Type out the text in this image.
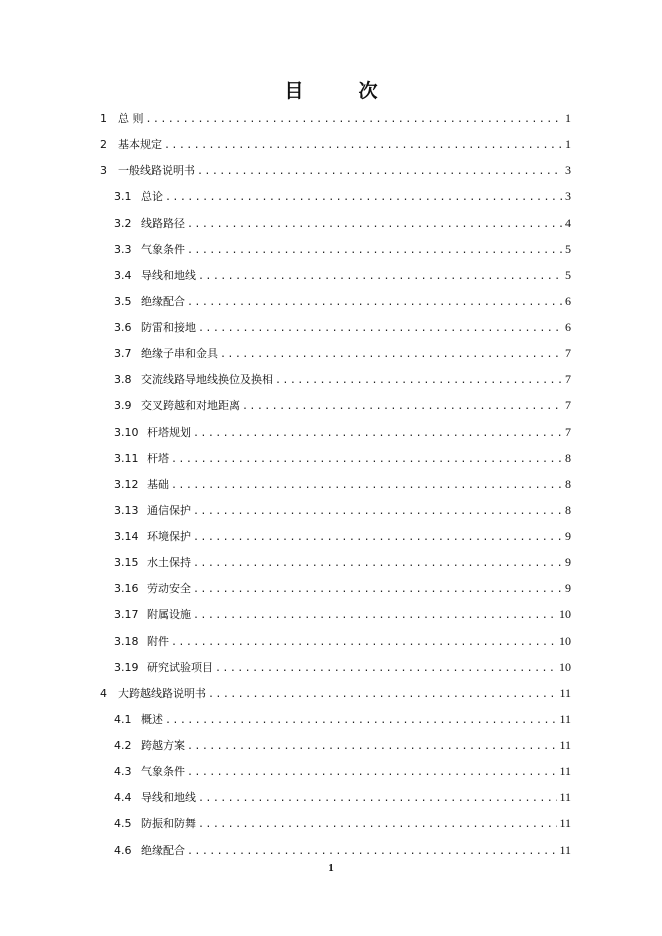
目　次
1	总 则 .....	1
2	基本规定 .....	1
3	一般线路说明书 .....	3
3.1 总论 .....	3
3.2 线路路径 .....	4
3.3 气象条件 .....	5
3.4 导线和地线 .....	5
3.5 绝缘配合 .....	6
3.6 防雷和接地 .....	6
3.7 绝缘子串和金具 .....	7
3.8 交流线路导地线换位及换相 .....	7
3.9 交叉跨越和对地距离 .....	7
3.10 杆塔规划 .....	7
3.11 杆塔 .....	8
3.12 基础 .....	8
3.13 通信保护 .....	8
3.14 环境保护 .....	9
3.15 水土保持 .....	9
3.16 劳动安全 .....	9
3.17 附属设施 .....	10
3.18 附件 .....	10
3.19 研究试验项目 .....	10
4	大跨越线路说明书 .....	11
4.1 概述 .....	11
4.2 跨越方案 .....	11
4.3 气象条件 .....	11
4.4 导线和地线 .....	11
4.5 防振和防舞 .....	11
4.6 绝缘配合 .....	11
1
